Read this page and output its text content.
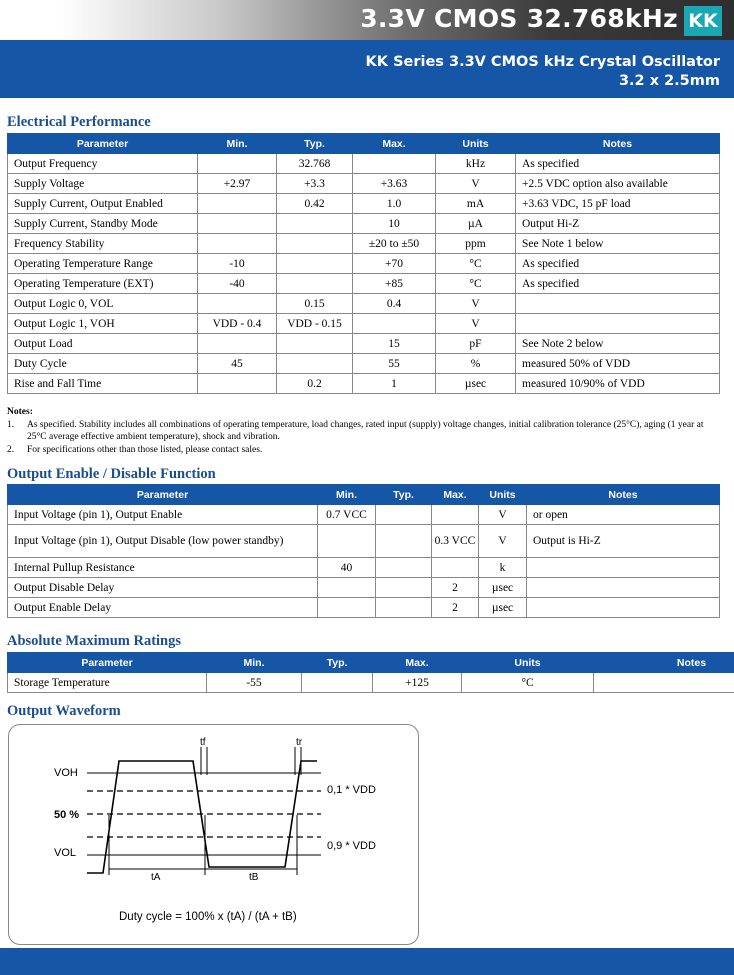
3.3V CMOS 32.768kHz KK
KK Series 3.3V CMOS kHz Crystal Oscillator
3.2 x 2.5mm
Electrical Performance
Parameter	Min.	Typ.	Max.	Units	Notes
Output Frequency		32.768		kHz	As specified
Supply Voltage	+2.97	+3.3	+3.63	V	+2.5 VDC option also available
Supply Current, Output Enabled		0.42	1.0	mA	+3.63 VDC, 15 pF load
Supply Current, Standby Mode			10	µA	Output Hi-Z
Frequency Stability			±20 to ±50	ppm	See Note 1 below
Operating Temperature Range	-10		+70	°C	As specified
Operating Temperature (EXT)	-40		+85	°C	As specified
Output Logic 0, VOL		0.15	0.4	V	
Output Logic 1, VOH	VDD - 0.4	VDD - 0.15		V	
Output Load			15	pF	See Note 2 below
Duty Cycle	45		55	%	measured 50% of VDD
Rise and Fall Time		0.2	1	µsec	measured 10/90% of VDD
Notes:
1.	As specified. Stability includes all combinations of operating temperature, load changes, rated input (supply) voltage changes, initial calibration tolerance (25°C), aging (1 year at 25°C average effective ambient temperature), shock and vibration.
2.	For specifications other than those listed, please contact sales.
Output Enable / Disable Function
Parameter	Min.	Typ.	Max.	Units	Notes
Input Voltage (pin 1), Output Enable	0.7 VCC			V	or open
Input Voltage (pin 1), Output Disable (low power standby)			0.3 VCC	V	Output is Hi-Z
Internal Pullup Resistance	40			k	
Output Disable Delay			2	µsec	
Output Enable Delay			2	µsec	
Absolute Maximum Ratings
Parameter	Min.	Typ.	Max.	Units	Notes
Storage Temperature	-55		+125	°C	
Output Waveform
VOH
VOL
50 %
0,1 * VDD
0,9 * VDD
tf	tr
tA	tB
Duty cycle = 100% x (tA) / (tA + tB)
